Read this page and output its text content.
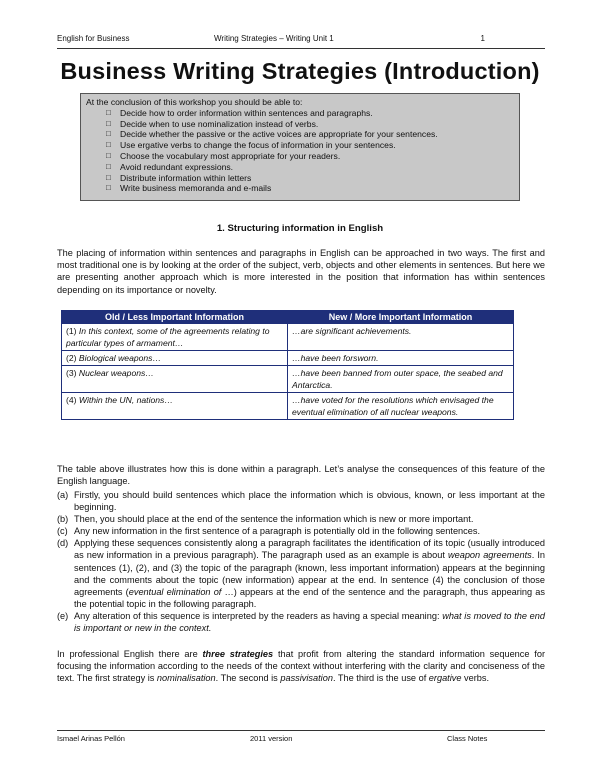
English for Business	Writing Strategies – Writing Unit 1	1
Business Writing Strategies (Introduction)
At the conclusion of this workshop you should be able to:
□ Decide how to order information within sentences and paragraphs.
□ Decide when to use nominalization instead of verbs.
□ Decide whether the passive or the active voices are appropriate for your sentences.
□ Use ergative verbs to change the focus of information in your sentences.
□ Choose the vocabulary most appropriate for your readers.
□ Avoid redundant expressions.
□ Distribute information within letters
□ Write business memoranda and e-mails
1. Structuring information in English

The placing of information within sentences and paragraphs in English can be approached in two ways. The first and most traditional one is by looking at the order of the subject, verb, objects and other elements in sentences. But here we are presenting another approach which is more interested in the position that information has within sentences depending on its importance or novelty.

Old / Less Important Information	New / More Important Information
(1) In this context, some of the agreements relating to particular types of armament…	…are significant achievements.
(2) Biological weapons…	…have been forsworn.
(3) Nuclear weapons…	…have been banned from outer space, the seabed and Antarctica.
(4) Within the UN, nations…	…have voted for the resolutions which envisaged the eventual elimination of all nuclear weapons.

The table above illustrates how this is done within a paragraph. Let’s analyse the consequences of this feature of the English language.

(a) Firstly, you should build sentences which place the information which is obvious, known, or less important at the beginning.
(b) Then, you should place at the end of the sentence the information which is new or more important.
(c) Any new information in the first sentence of a paragraph is potentially old in the following sentences.
(d) Applying these sequences consistently along a paragraph facilitates the identification of its topic (usually introduced as new information in a previous paragraph). The paragraph used as an example is about weapon agreements. In sentences (1), (2), and (3) the topic of the paragraph (known, less important information) appears at the beginning and the comments about the topic (new information) appear at the end. In sentence (4) the conclusion of those agreements (eventual elimination of …) appears at the end of the sentence and the paragraph, thus appearing as the potential topic in the following paragraph.
(e) Any alteration of this sequence is interpreted by the readers as having a special meaning: what is moved to the end is important or new in the context.

In professional English there are three strategies that profit from altering the standard information sequence for focusing the information according to the needs of the context without interfering with the clarity and conciseness of the text. The first strategy is nominalisation. The second is passivisation. The third is the use of ergative verbs.

Ismael Arinas Pellón	2011 version	Class Notes
